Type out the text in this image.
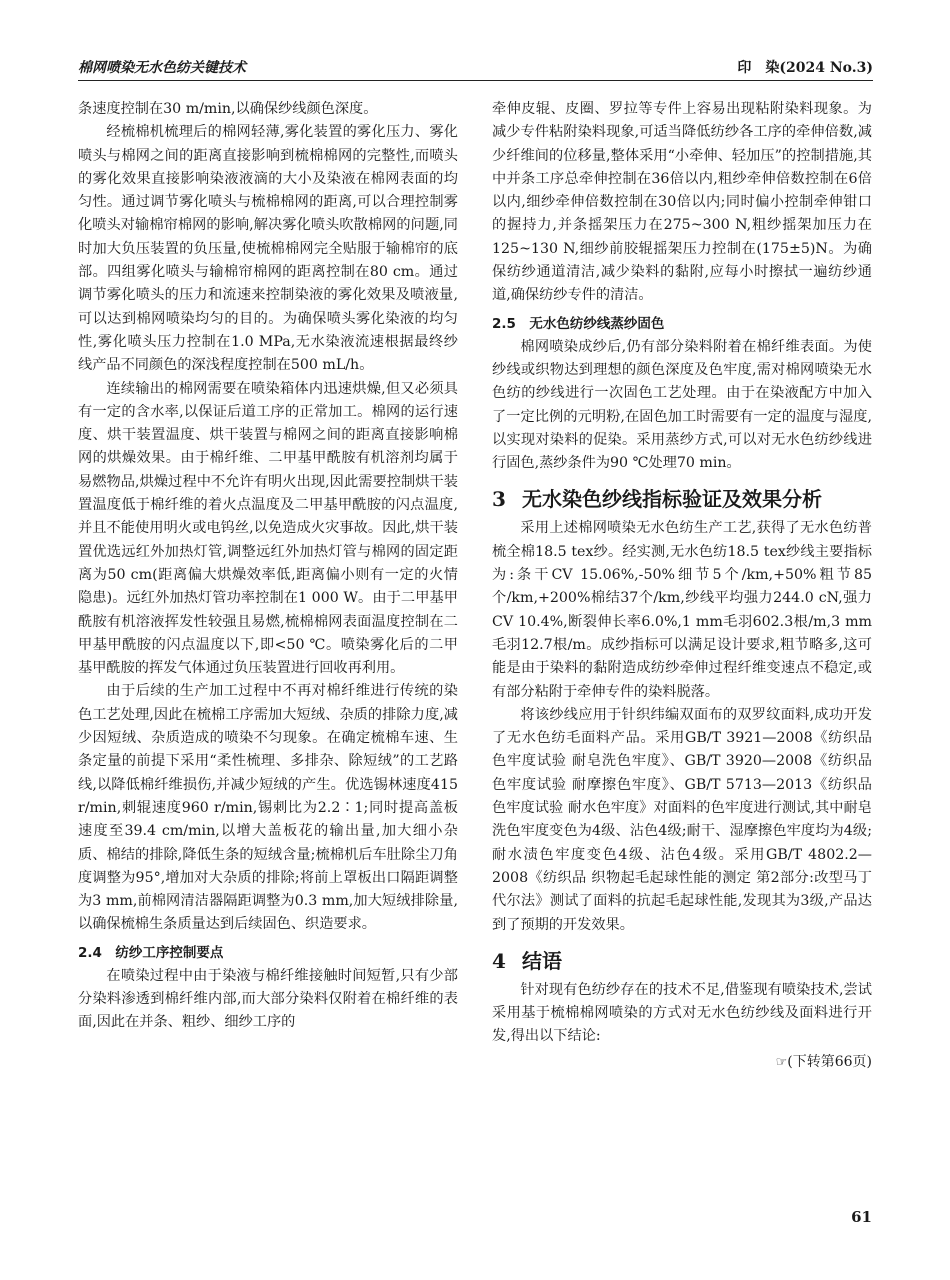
棉网喷染无水色纺关键技术	印　染(2024 No.3)

条速度控制在30 m/min,以确保纱线颜色深度。

经梳棉机梳理后的棉网轻薄,雾化装置的雾化压力、雾化喷头与棉网之间的距离直接影响到梳棉棉网的完整性,而喷头的雾化效果直接影响染液液滴的大小及染液在棉网表面的均匀性。通过调节雾化喷头与梳棉棉网的距离,可以合理控制雾化喷头对输棉帘棉网的影响,解决雾化喷头吹散棉网的问题,同时加大负压装置的负压量,使梳棉棉网完全贴服于输棉帘的底部。四组雾化喷头与输棉帘棉网的距离控制在80 cm。通过调节雾化喷头的压力和流速来控制染液的雾化效果及喷液量,可以达到棉网喷染均匀的目的。为确保喷头雾化染液的均匀性,雾化喷头压力控制在1.0 MPa,无水染液流速根据最终纱线产品不同颜色的深浅程度控制在500 mL/h。

连续输出的棉网需要在喷染箱体内迅速烘燥,但又必须具有一定的含水率,以保证后道工序的正常加工。棉网的运行速度、烘干装置温度、烘干装置与棉网之间的距离直接影响棉网的烘燥效果。由于棉纤维、二甲基甲酰胺有机溶剂均属于易燃物品,烘燥过程中不允许有明火出现,因此需要控制烘干装置温度低于棉纤维的着火点温度及二甲基甲酰胺的闪点温度,并且不能使用明火或电钨丝,以免造成火灾事故。因此,烘干装置优选远红外加热灯管,调整远红外加热灯管与棉网的固定距离为50 cm(距离偏大烘燥效率低,距离偏小则有一定的火情隐患)。远红外加热灯管功率控制在1 000 W。由于二甲基甲酰胺有机溶液挥发性较强且易燃,梳棉棉网表面温度控制在二甲基甲酰胺的闪点温度以下,即<50 ℃。喷染雾化后的二甲基甲酰胺的挥发气体通过负压装置进行回收再利用。

由于后续的生产加工过程中不再对棉纤维进行传统的染色工艺处理,因此在梳棉工序需加大短绒、杂质的排除力度,减少因短绒、杂质造成的喷染不匀现象。在确定梳棉车速、生条定量的前提下采用“柔性梳理、多排杂、除短绒”的工艺路线,以降低棉纤维损伤,并减少短绒的产生。优选锡林速度415 r/min,刺辊速度960 r/min,锡刺比为2.2∶1;同时提高盖板速度至39.4 cm/min,以增大盖板花的输出量,加大细小杂质、棉结的排除,降低生条的短绒含量;梳棉机后车肚除尘刀角度调整为95°,增加对大杂质的排除;将前上罩板出口隔距调整为3 mm,前棉网清洁器隔距调整为0.3 mm,加大短绒排除量,以确保梳棉生条质量达到后续固色、织造要求。

2.4　纺纱工序控制要点

在喷染过程中由于染液与棉纤维接触时间短暂,只有少部分染料渗透到棉纤维内部,而大部分染料仅附着在棉纤维的表面,因此在并条、粗纱、细纱工序的

牵伸皮辊、皮圈、罗拉等专件上容易出现粘附染料现象。为减少专件粘附染料现象,可适当降低纺纱各工序的牵伸倍数,减少纤维间的位移量,整体采用“小牵伸、轻加压”的控制措施,其中并条工序总牵伸控制在36倍以内,粗纱牵伸倍数控制在6倍以内,细纱牵伸倍数控制在30倍以内;同时偏小控制牵伸钳口的握持力,并条摇架压力在275~300 N,粗纱摇架加压力在125~130 N,细纱前胶辊摇架压力控制在(175±5)N。为确保纺纱通道清洁,减少染料的黏附,应每小时擦拭一遍纺纱通道,确保纺纱专件的清洁。

2.5　无水色纺纱线蒸纱固色

棉网喷染成纱后,仍有部分染料附着在棉纤维表面。为使纱线或织物达到理想的颜色深度及色牢度,需对棉网喷染无水色纺的纱线进行一次固色工艺处理。由于在染液配方中加入了一定比例的元明粉,在固色加工时需要有一定的温度与湿度,以实现对染料的促染。采用蒸纱方式,可以对无水色纺纱线进行固色,蒸纱条件为90 ℃处理70 min。

3 无水染色纱线指标验证及效果分析

采用上述棉网喷染无水色纺生产工艺,获得了无水色纺普梳全棉18.5 tex纱。经实测,无水色纺18.5 tex纱线主要指标为:条干CV 15.06%,-50%细节5个/km,+50%粗节85个/km,+200%棉结37个/km,纱线平均强力244.0 cN,强力CV 10.4%,断裂伸长率6.0%,1 mm毛羽602.3根/m,3 mm毛羽12.7根/m。成纱指标可以满足设计要求,粗节略多,这可能是由于染料的黏附造成纺纱牵伸过程纤维变速点不稳定,或有部分粘附于牵伸专件的染料脱落。

将该纱线应用于针织纬编双面布的双罗纹面料,成功开发了无水色纺毛面料产品。采用GB/T 3921—2008《纺织品 色牢度试验 耐皂洗色牢度》、GB/T 3920—2008《纺织品 色牢度试验 耐摩擦色牢度》、GB/T 5713—2013《纺织品 色牢度试验 耐水色牢度》对面料的色牢度进行测试,其中耐皂洗色牢度变色为4级、沾色4级;耐干、湿摩擦色牢度均为4级;耐水渍色牢度变色4级、沾色4级。采用GB/T 4802.2—2008《纺织品 织物起毛起球性能的测定 第2部分:改型马丁代尔法》测试了面料的抗起毛起球性能,发现其为3级,产品达到了预期的开发效果。

4 结语

针对现有色纺纱存在的技术不足,借鉴现有喷染技术,尝试采用基于梳棉棉网喷染的方式对无水色纺纱线及面料进行开发,得出以下结论:

☞(下转第66页)
61
